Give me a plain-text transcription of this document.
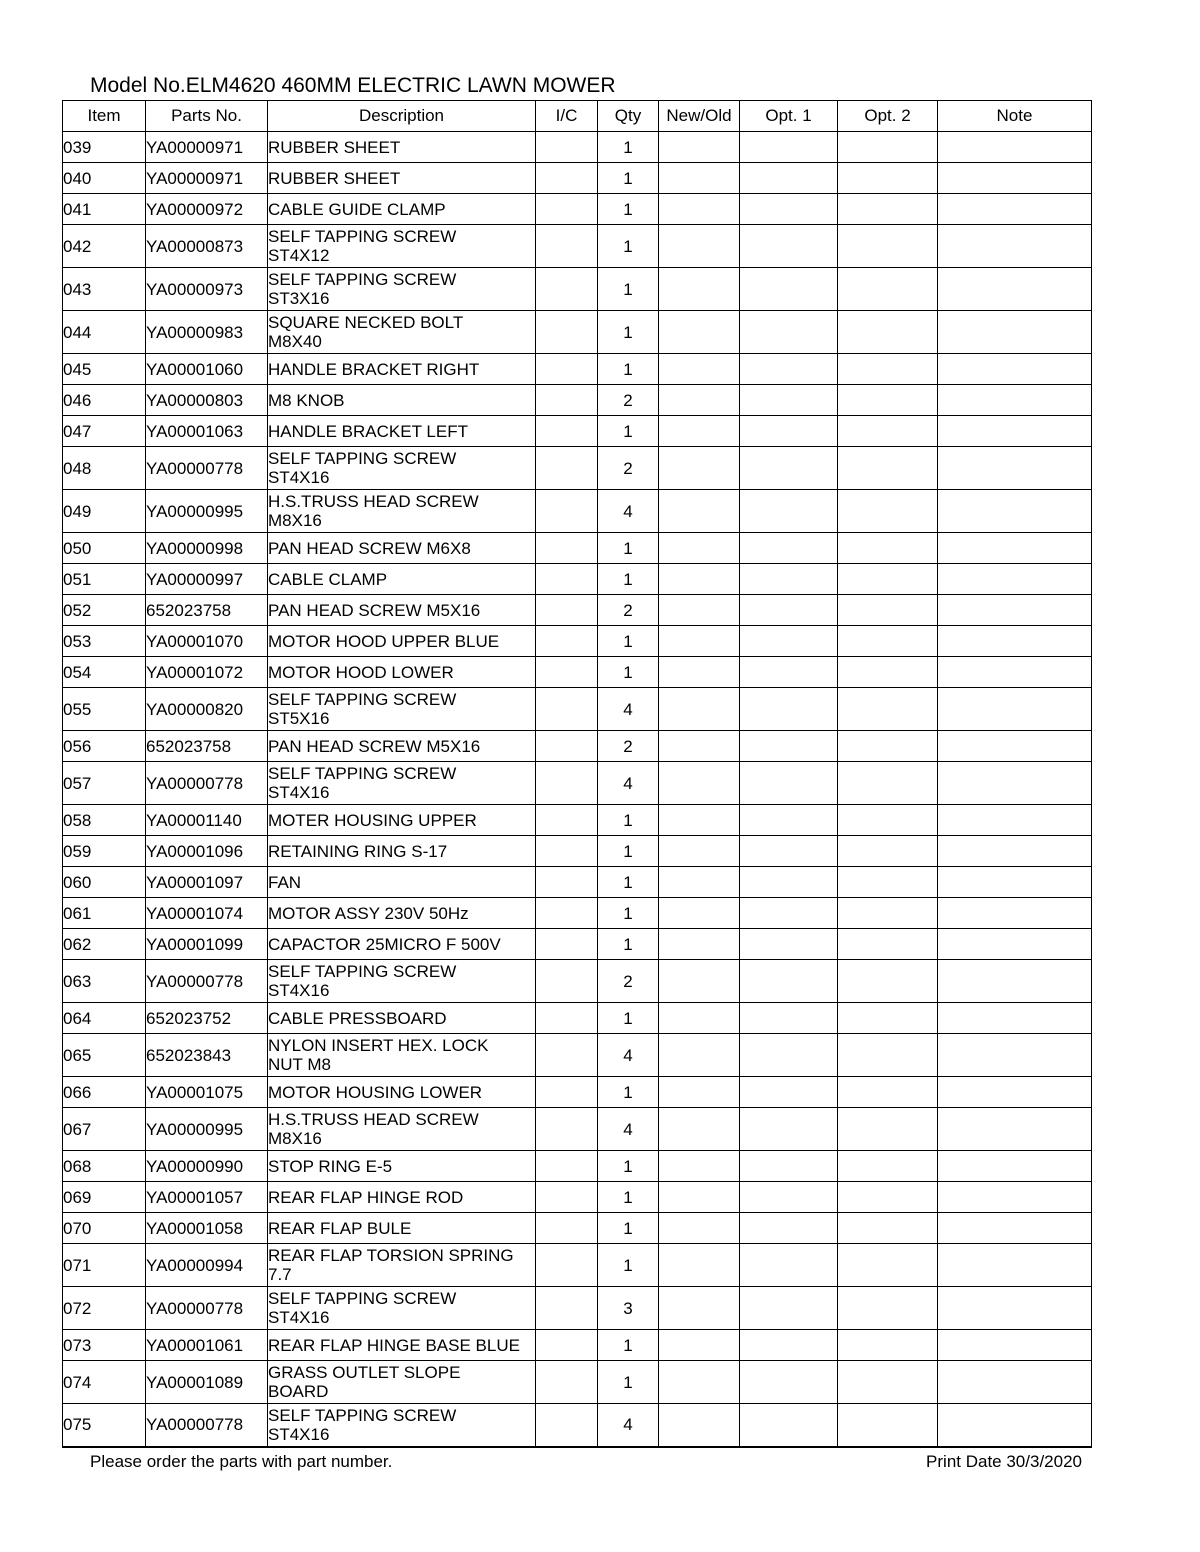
Model No.ELM4620 460MM ELECTRIC LAWN MOWER
Item	Parts No.	Description	I/C	Qty	New/Old	Opt. 1	Opt. 2	Note
039	YA00000971	RUBBER SHEET		1				
040	YA00000971	RUBBER SHEET		1				
041	YA00000972	CABLE GUIDE CLAMP		1				
042	YA00000873	SELF TAPPING SCREW
ST4X12		1				
043	YA00000973	SELF TAPPING SCREW
ST3X16		1				
044	YA00000983	SQUARE NECKED BOLT
M8X40		1				
045	YA00001060	HANDLE BRACKET RIGHT		1				
046	YA00000803	M8 KNOB		2				
047	YA00001063	HANDLE BRACKET LEFT		1				
048	YA00000778	SELF TAPPING SCREW
ST4X16		2				
049	YA00000995	H.S.TRUSS HEAD SCREW
M8X16		4				
050	YA00000998	PAN HEAD SCREW M6X8		1				
051	YA00000997	CABLE CLAMP		1				
052	652023758	PAN HEAD SCREW M5X16		2				
053	YA00001070	MOTOR HOOD UPPER BLUE		1				
054	YA00001072	MOTOR HOOD LOWER		1				
055	YA00000820	SELF TAPPING SCREW
ST5X16		4				
056	652023758	PAN HEAD SCREW M5X16		2				
057	YA00000778	SELF TAPPING SCREW
ST4X16		4				
058	YA00001140	MOTER HOUSING UPPER		1				
059	YA00001096	RETAINING RING S-17		1				
060	YA00001097	FAN		1				
061	YA00001074	MOTOR ASSY 230V 50Hz		1				
062	YA00001099	CAPACTOR 25MICRO F 500V		1				
063	YA00000778	SELF TAPPING SCREW
ST4X16		2				
064	652023752	CABLE PRESSBOARD		1				
065	652023843	NYLON INSERT HEX. LOCK
NUT M8		4				
066	YA00001075	MOTOR HOUSING LOWER		1				
067	YA00000995	H.S.TRUSS HEAD SCREW
M8X16		4				
068	YA00000990	STOP RING E-5		1				
069	YA00001057	REAR FLAP HINGE ROD		1				
070	YA00001058	REAR FLAP BULE		1				
071	YA00000994	REAR FLAP TORSION SPRING
7.7		1				
072	YA00000778	SELF TAPPING SCREW
ST4X16		3				
073	YA00001061	REAR FLAP HINGE BASE BLUE		1				
074	YA00001089	GRASS OUTLET SLOPE
BOARD		1				
075	YA00000778	SELF TAPPING SCREW
ST4X16		4				
Please order the parts with part number.	Print Date 30/3/2020
